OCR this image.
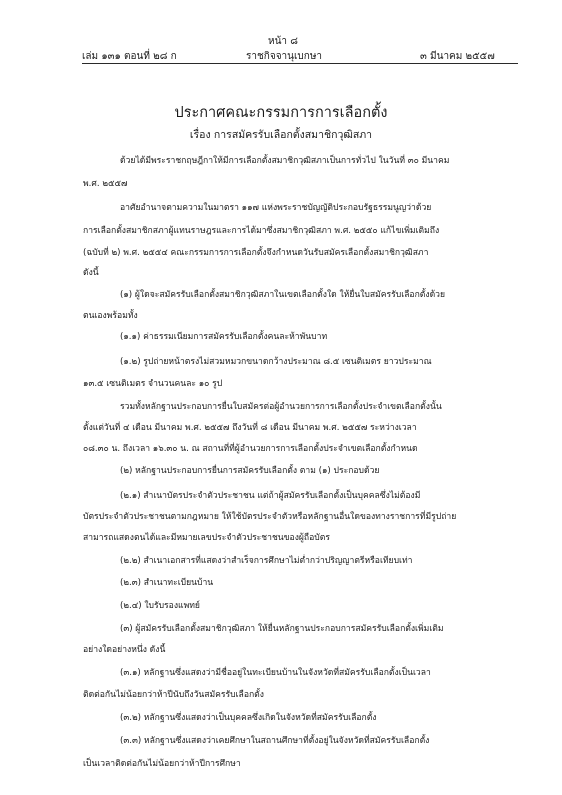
หน้า ๘
เล่ม ๑๓๑ ตอนที่ ๒๘ ก	ราชกิจจานุเบกษา	๓ มีนาคม ๒๕๕๗
ประกาศคณะกรรมการการเลือกตั้ง
เรื่อง การสมัครรับเลือกตั้งสมาชิกวุฒิสภา
ด้วยได้มีพระราชกฤษฎีกาให้มีการเลือกตั้งสมาชิกวุฒิสภาเป็นการทั่วไป ในวันที่ ๓๐ มีนาคม
พ.ศ. ๒๕๕๗
อาศัยอำนาจตามความในมาตรา ๑๑๗ แห่งพระราชบัญญัติประกอบรัฐธรรมนูญว่าด้วย
การเลือกตั้งสมาชิกสภาผู้แทนราษฎรและการได้มาซึ่งสมาชิกวุฒิสภา พ.ศ. ๒๕๕๐ แก้ไขเพิ่มเติมถึง
(ฉบับที่ ๒) พ.ศ. ๒๕๕๔ คณะกรรมการการเลือกตั้งจึงกำหนดวันรับสมัครเลือกตั้งสมาชิกวุฒิสภา
ดังนี้
(๑) ผู้ใดจะสมัครรับเลือกตั้งสมาชิกวุฒิสภาในเขตเลือกตั้งใด ให้ยื่นใบสมัครรับเลือกตั้งด้วย
ตนเองพร้อมทั้ง
(๑.๑) ค่าธรรมเนียมการสมัครรับเลือกตั้งคนละห้าพันบาท
(๑.๒) รูปถ่ายหน้าตรงไม่สวมหมวกขนาดกว้างประมาณ ๘.๕ เซนติเมตร ยาวประมาณ
๑๓.๕ เซนติเมตร จำนวนคนละ ๑๐ รูป
รวมทั้งหลักฐานประกอบการยื่นใบสมัครต่อผู้อำนวยการการเลือกตั้งประจำเขตเลือกตั้งนั้น
ตั้งแต่วันที่ ๔ เดือน มีนาคม พ.ศ. ๒๕๕๗ ถึงวันที่ ๘ เดือน มีนาคม พ.ศ. ๒๕๕๗ ระหว่างเวลา
๐๘.๓๐ น. ถึงเวลา ๑๖.๓๐ น. ณ สถานที่ที่ผู้อำนวยการการเลือกตั้งประจำเขตเลือกตั้งกำหนด
(๒) หลักฐานประกอบการยื่นการสมัครรับเลือกตั้ง ตาม (๑) ประกอบด้วย
(๒.๑) สำเนาบัตรประจำตัวประชาชน แต่ถ้าผู้สมัครรับเลือกตั้งเป็นบุคคลซึ่งไม่ต้องมี
บัตรประจำตัวประชาชนตามกฎหมาย ให้ใช้บัตรประจำตัวหรือหลักฐานอื่นใดของทางราชการที่มีรูปถ่าย
สามารถแสดงตนได้และมีหมายเลขประจำตัวประชาชนของผู้ถือบัตร
(๒.๒) สำเนาเอกสารที่แสดงว่าสำเร็จการศึกษาไม่ต่ำกว่าปริญญาตรีหรือเทียบเท่า
(๒.๓) สำเนาทะเบียนบ้าน
(๒.๔) ใบรับรองแพทย์
(๓) ผู้สมัครรับเลือกตั้งสมาชิกวุฒิสภา ให้ยื่นหลักฐานประกอบการสมัครรับเลือกตั้งเพิ่มเติม
อย่างใดอย่างหนึ่ง ดังนี้
(๓.๑) หลักฐานซึ่งแสดงว่ามีชื่ออยู่ในทะเบียนบ้านในจังหวัดที่สมัครรับเลือกตั้งเป็นเวลา
ติดต่อกันไม่น้อยกว่าห้าปีนับถึงวันสมัครรับเลือกตั้ง
(๓.๒) หลักฐานซึ่งแสดงว่าเป็นบุคคลซึ่งเกิดในจังหวัดที่สมัครรับเลือกตั้ง
(๓.๓) หลักฐานซึ่งแสดงว่าเคยศึกษาในสถานศึกษาที่ตั้งอยู่ในจังหวัดที่สมัครรับเลือกตั้ง
เป็นเวลาติดต่อกันไม่น้อยกว่าห้าปีการศึกษา
